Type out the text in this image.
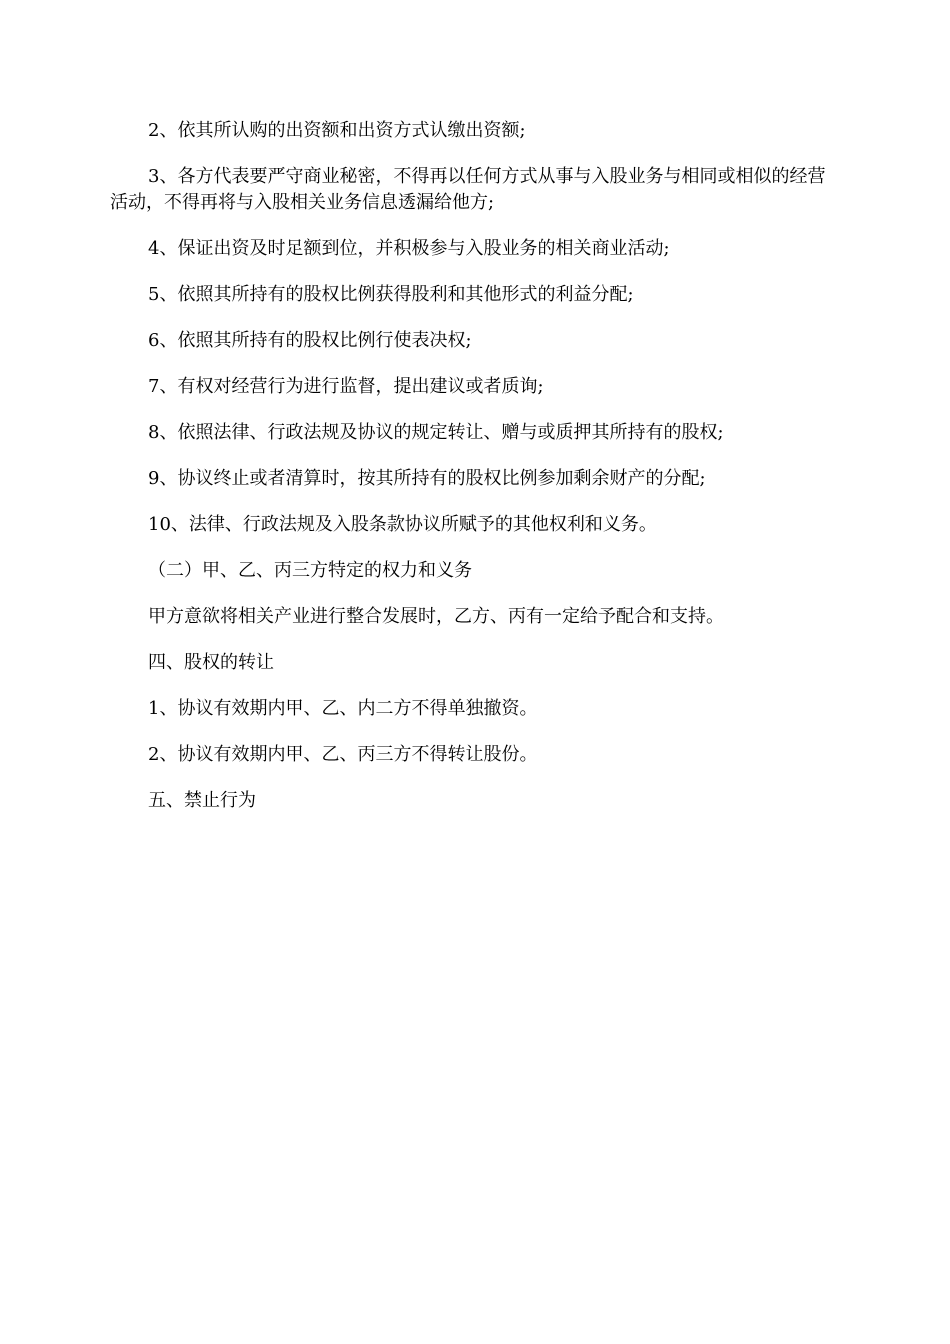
2、依其所认购的出资额和出资方式认缴出资额;

3、各方代表要严守商业秘密，不得再以任何方式从事与入股业务与相同或相似的经营活动，不得再将与入股相关业务信息透漏给他方;

4、保证出资及时足额到位，并积极参与入股业务的相关商业活动;

5、依照其所持有的股权比例获得股利和其他形式的利益分配;

6、依照其所持有的股权比例行使表决权;

7、有权对经营行为进行监督，提出建议或者质询;

8、依照法律、行政法规及协议的规定转让、赠与或质押其所持有的股权;

9、协议终止或者清算时，按其所持有的股权比例参加剩余财产的分配;

10、法律、行政法规及入股条款协议所赋予的其他权利和义务。

（二）甲、乙、丙三方特定的权力和义务

甲方意欲将相关产业进行整合发展时，乙方、丙有一定给予配合和支持。

四、股权的转让

1、协议有效期内甲、乙、内二方不得单独撤资。

2、协议有效期内甲、乙、丙三方不得转让股份。

五、禁止行为
